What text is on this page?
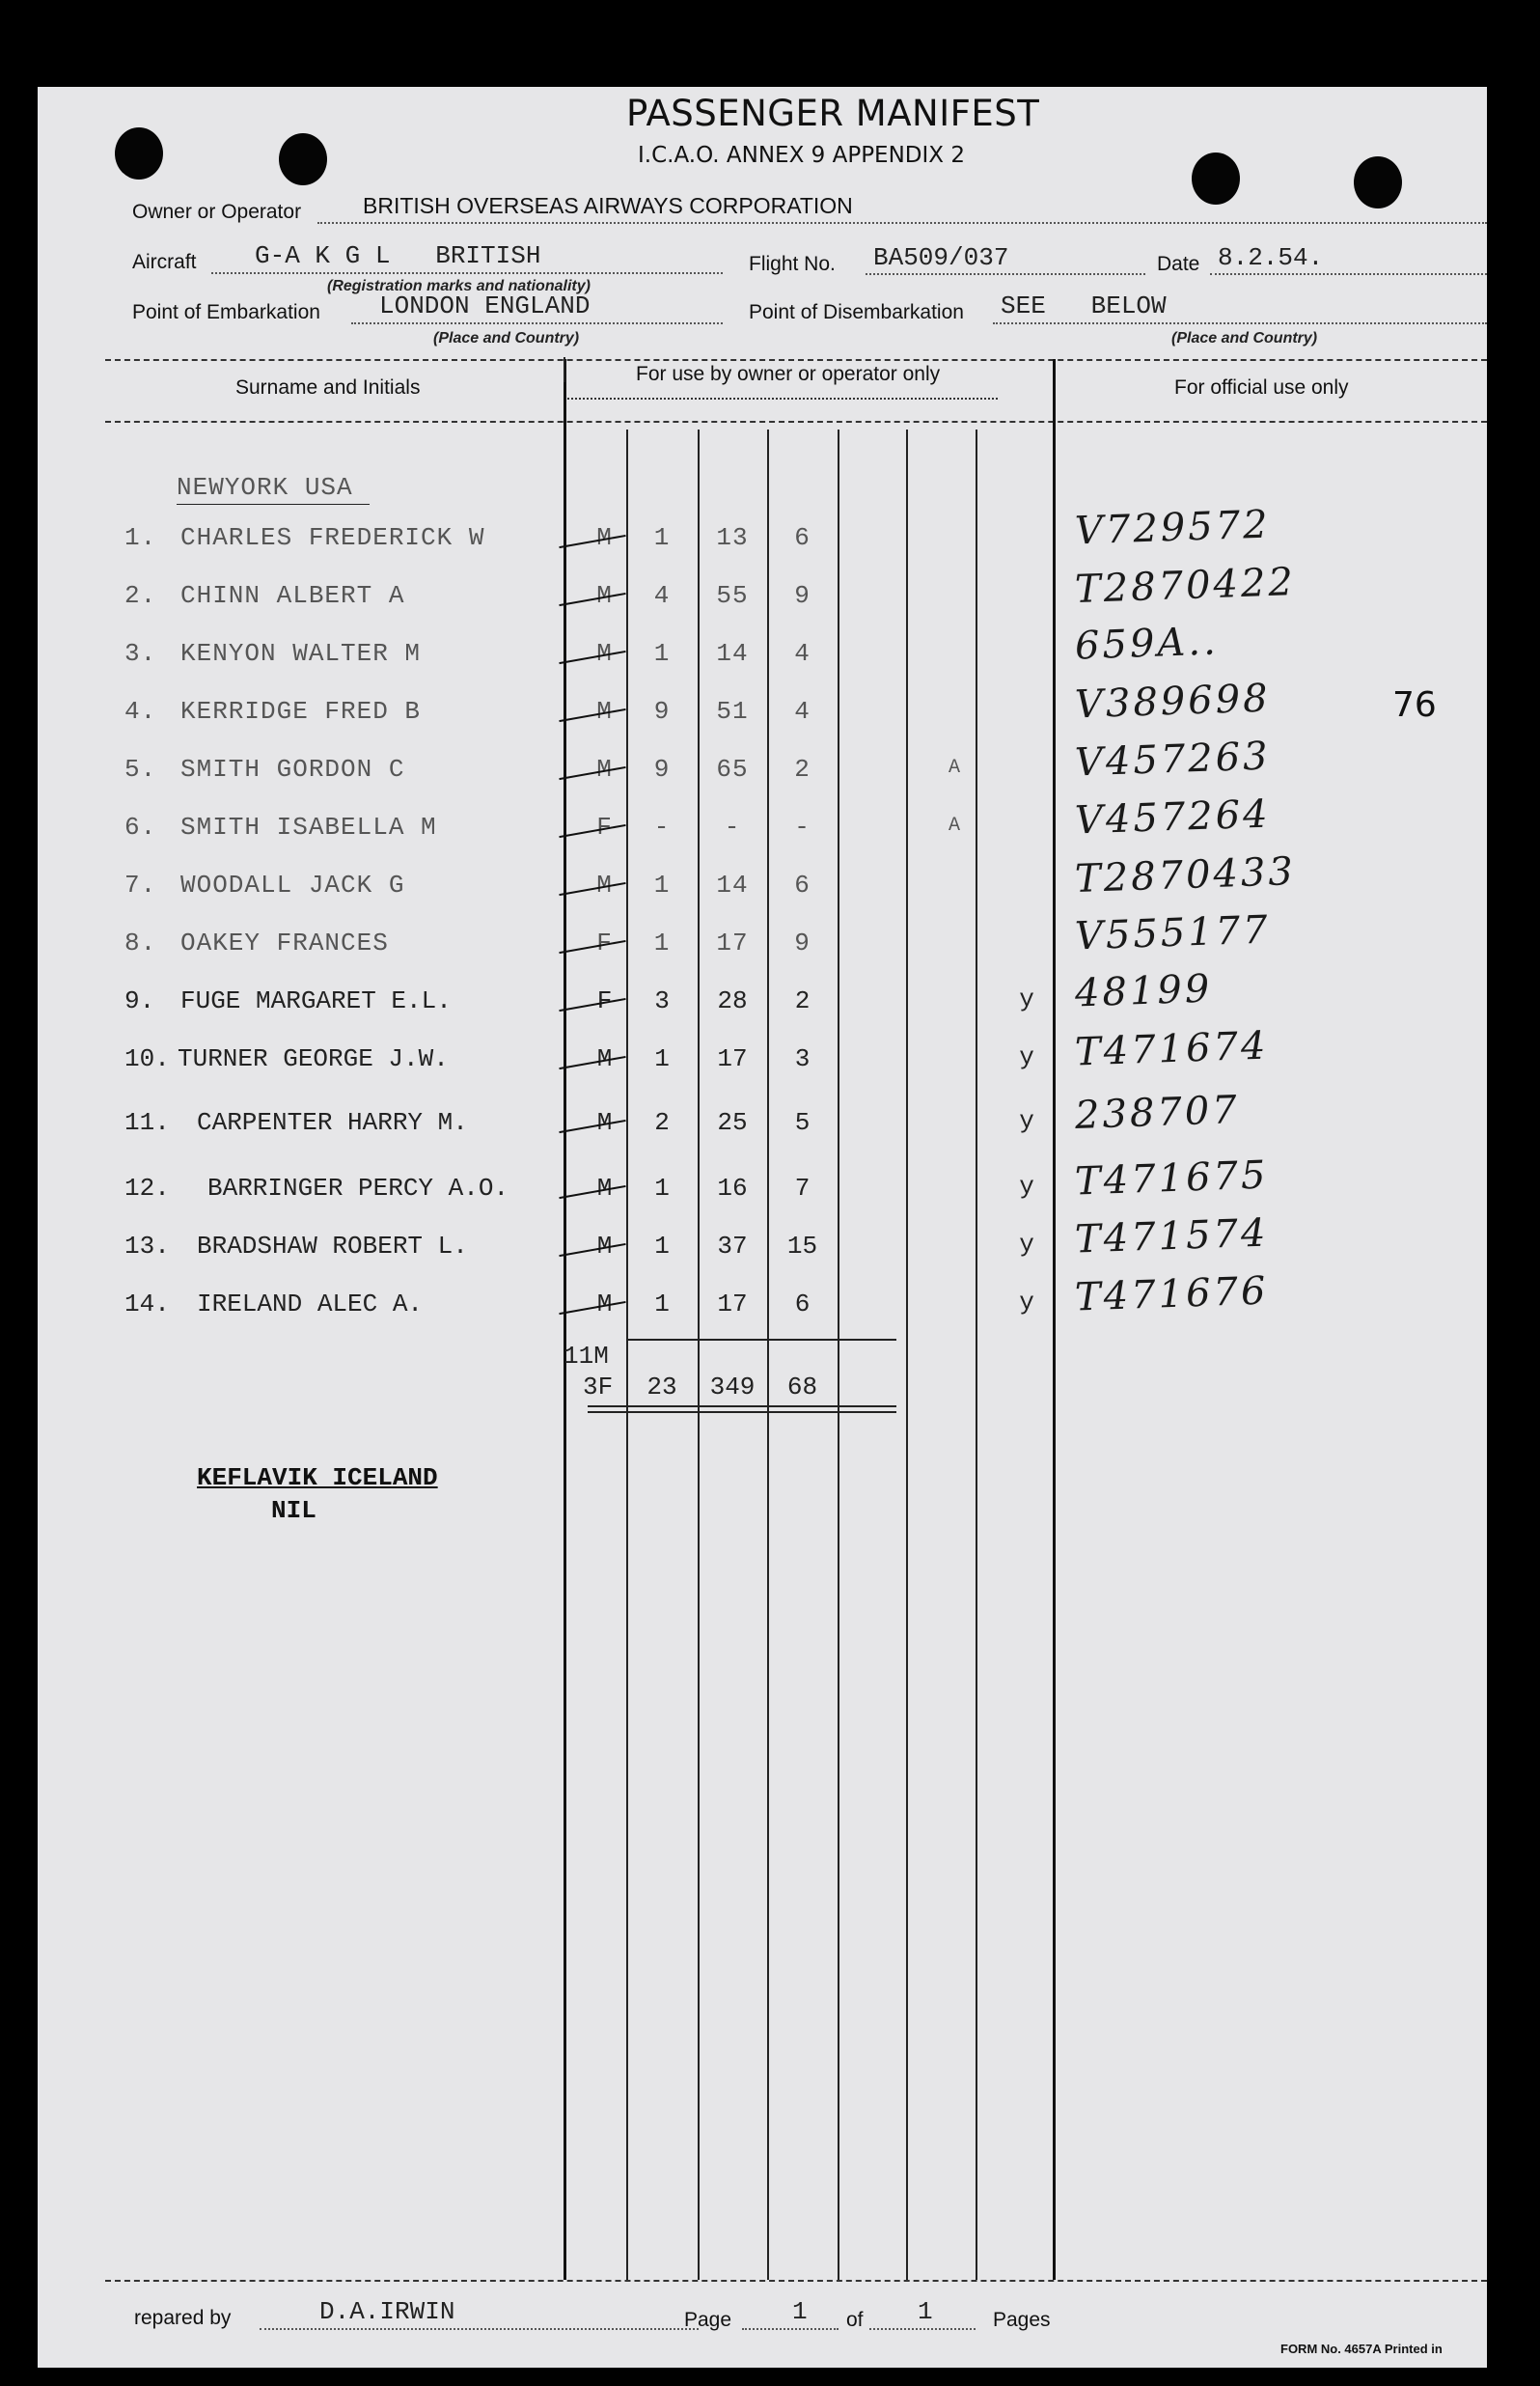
PASSENGER MANIFEST
I.C.A.O. ANNEX 9 APPENDIX 2
Owner or Operator	BRITISH OVERSEAS AIRWAYS CORPORATION
Aircraft G-A K G L   BRITISH
(Registration marks and nationality)
Flight No. BA509/037	Date 8.2.54.
Point of Embarkation LONDON ENGLAND
(Place and Country)
Point of Disembarkation SEE   BELOW
(Place and Country)
Surname and Initials
For use by owner or operator only
For official use only
NEWYORK USA
1. CHARLES FREDERICK W	M	1	13	6	V729572
2. CHINN ALBERT A	M	4	55	9	T2870422
3. KENYON WALTER M	M	1	14	4	659A..
4. KERRIDGE FRED B	M	9	51	4	V389698
5. SMITH GORDON C	M	9	65	2	A	V457263
6. SMITH ISABELLA M	F	-	-	-	A	V457264
7. WOODALL JACK G	M	1	14	6	T2870433
8. OAKEY FRANCES	F	1	17	9	V555177
9. FUGE MARGARET E.L.	F	3	28	2	y 48199
10. TURNER GEORGE J.W.	M	1	17	3	y T471674
11. CARPENTER HARRY M.	M	2	25	5	y 238707
12. BARRINGER PERCY A.O.	M	1	16	7	y T471675
13. BRADSHAW ROBERT L.	M	1	37	15	y T471574
14. IRELAND ALEC A.	M	1	17	6	y T471676
76
11M
3F	23	349	68
KEFLAVIK ICELAND
NIL
repared by	D.A.IRWIN	Page 1 of 1	Pages
FORM No. 4657A Printed in
